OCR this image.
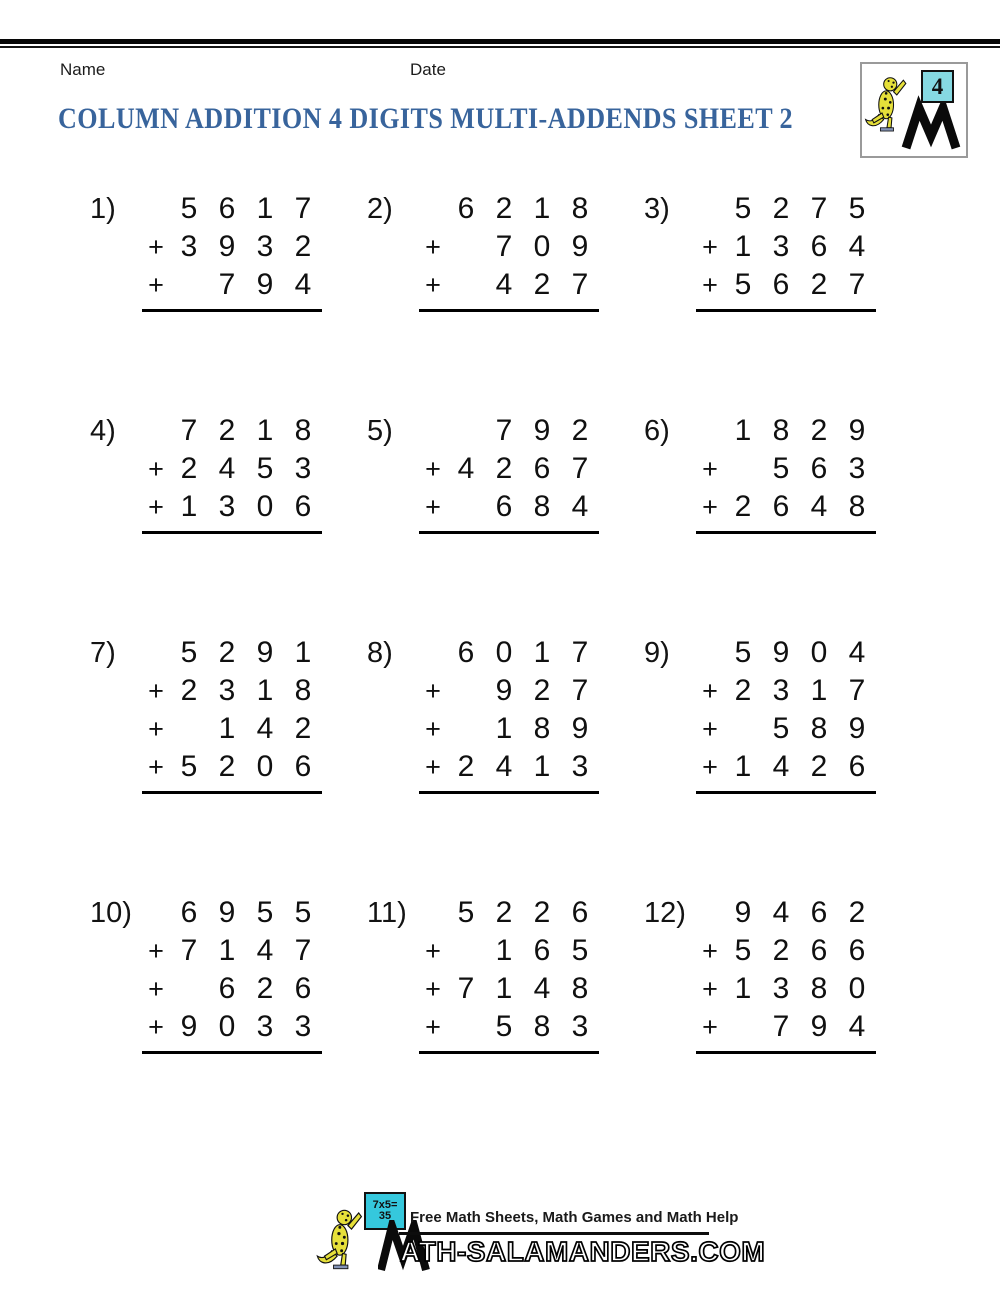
Name	Date
COLUMN ADDITION 4 DIGITS MULTI-ADDENDS SHEET 2
4
1)	5 6 1 7
+ 3 9 3 2
+	7 9 4
2)	6 2 1 8
+	7 0 9
+	4 2 7
3)	5 2 7 5
+ 1 3 6 4
+ 5 6 2 7
4)	7 2 1 8
+ 2 4 5 3
+ 1 3 0 6
5)	7 9 2
+ 4 2 6 7
+	6 8 4
6)	1 8 2 9
+	5 6 3
+ 2 6 4 8
7)	5 2 9 1
+ 2 3 1 8
+	1 4 2
+ 5 2 0 6
8)	6 0 1 7
+	9 2 7
+	1 8 9
+ 2 4 1 3
9)	5 9 0 4
+ 2 3 1 7
+	5 8 9
+ 1 4 2 6
10)	6 9 5 5
+ 7 1 4 7
+	6 2 6
+ 9 0 3 3
11)	5 2 2 6
+	1 6 5
+ 7 1 4 8
+	5 8 3
12)	9 4 6 2
+ 5 2 6 6
+ 1 3 8 0
+	7 9 4
7x5=
35 Free Math Sheets, Math Games and Math Help
ATH-SALAMANDERS.COM
